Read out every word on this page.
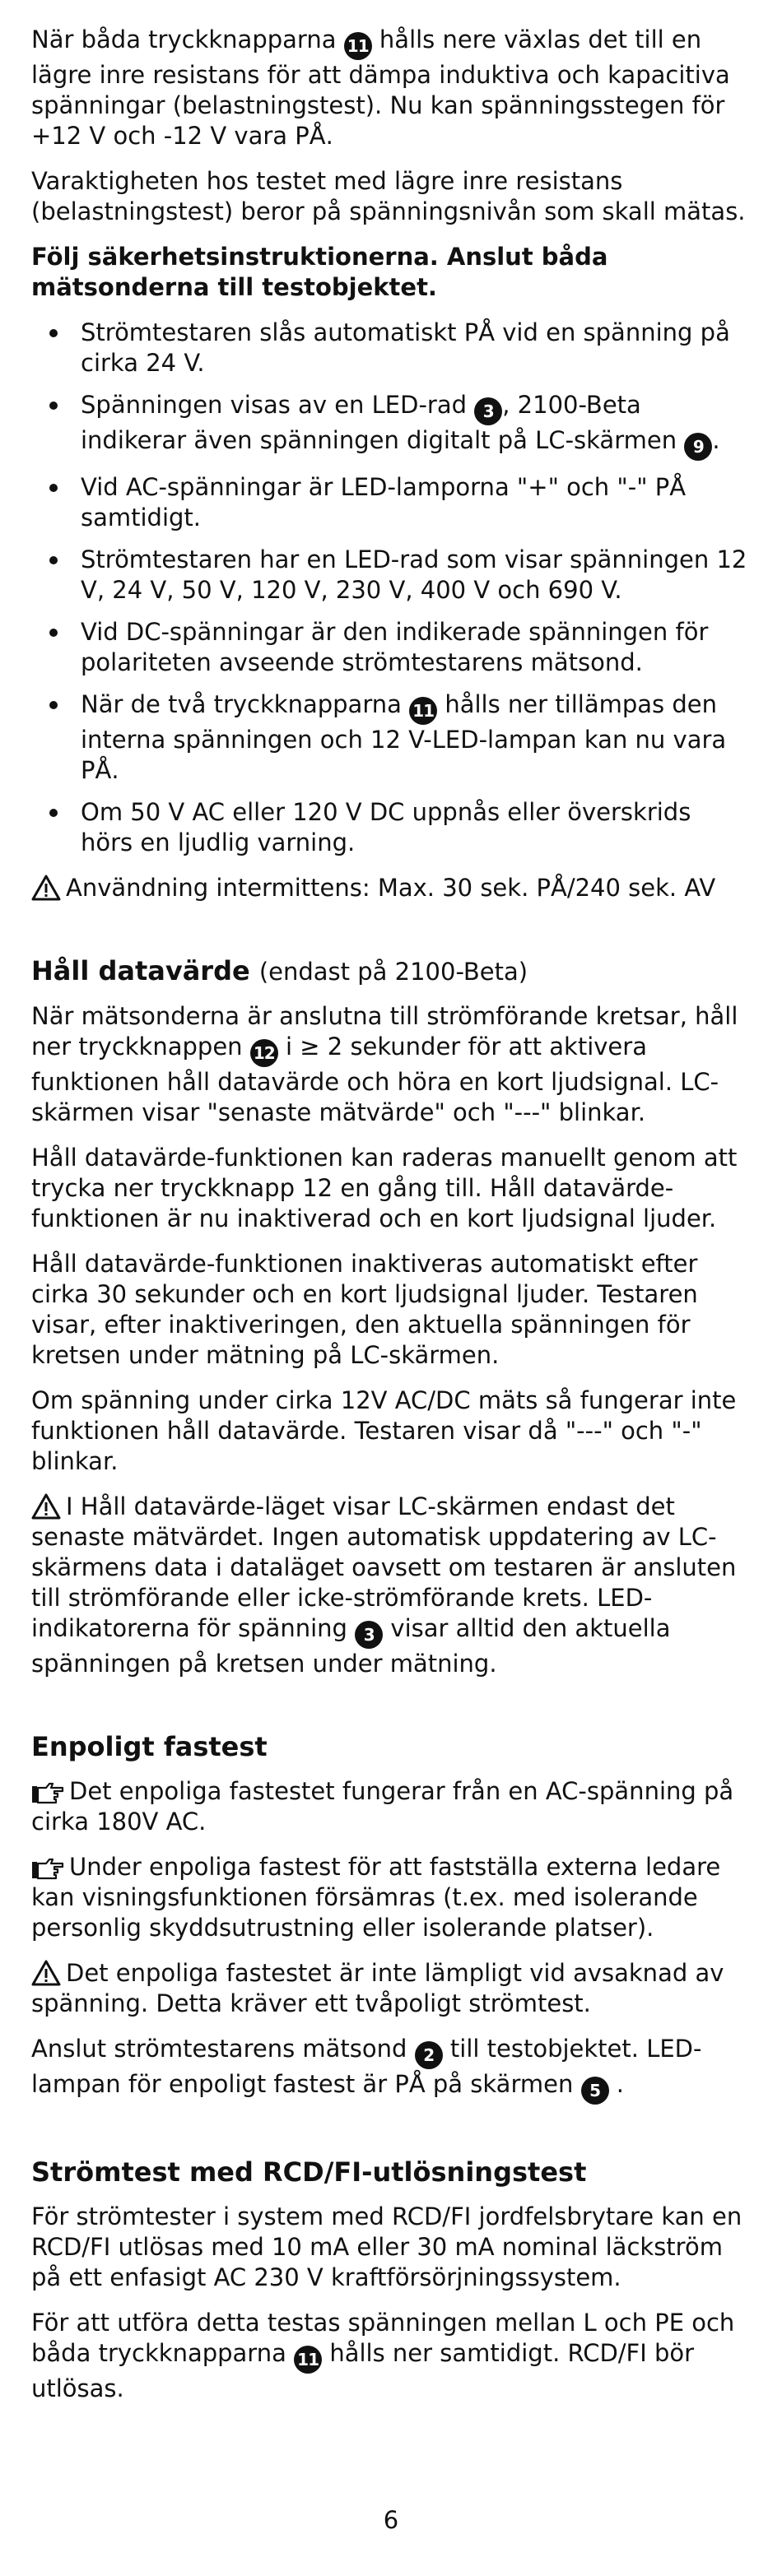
När båda tryckknapparna 11 hålls nere växlas det till en lägre inre resistans för att dämpa induktiva och kapacitiva spänningar (belastningstest). Nu kan spänningsstegen för +12 V och -12 V vara PÅ.

Varaktigheten hos testet med lägre inre resistans (belastningstest) beror på spänningsnivån som skall mätas.

Följ säkerhetsinstruktionerna. Anslut båda mätsonderna till testobjektet.

Strömtestaren slås automatiskt PÅ vid en spänning på cirka 24 V.
Spänningen visas av en LED-rad 3 , 2100-Beta indikerar även spänningen digitalt på LC-skärmen 9 .
Vid AC-spänningar är LED-lamporna "+" och "-" PÅ samtidigt.
Strömtestaren har en LED-rad som visar spänningen 12 V, 24 V, 50 V, 120 V, 230 V, 400 V och 690 V.
Vid DC-spänningar är den indikerade spänningen för polariteten avseende strömtestarens mätsond.
När de två tryckknapparna 11 hålls ner tillämpas den interna spänningen och 12 V-LED-lampan kan nu vara PÅ.
Om 50 V AC eller 120 V DC uppnås eller överskrids hörs en ljudlig varning.

Användning intermittens: Max. 30 sek. PÅ/240 sek. AV

Håll datavärde (endast på 2100-Beta)

När mätsonderna är anslutna till strömförande kretsar, håll ner tryckknappen 12 i ≥ 2 sekunder för att aktivera funktionen håll datavärde och höra en kort ljudsignal. LC-skärmen visar "senaste mätvärde" och "---" blinkar.

Håll datavärde-funktionen kan raderas manuellt genom att trycka ner tryckknapp 12 en gång till. Håll datavärde-funktionen är nu inaktiverad och en kort ljudsignal ljuder.

Håll datavärde-funktionen inaktiveras automatiskt efter cirka 30 sekunder och en kort ljudsignal ljuder. Testaren visar, efter inaktiveringen, den aktuella spänningen för kretsen under mätning på LC-skärmen.

Om spänning under cirka 12V AC/DC mäts så fungerar inte funktionen håll datavärde. Testaren visar då "---" och "-" blinkar.

I Håll datavärde-läget visar LC-skärmen endast det senaste mätvärdet. Ingen automatisk uppdatering av LC-skärmens data i dataläget oavsett om testaren är ansluten till strömförande eller icke-strömförande krets. LED-indikatorerna för spänning 3 visar alltid den aktuella spänningen på kretsen under mätning.

Enpoligt fastest

Det enpoliga fastestet fungerar från en AC-spänning på cirka 180V AC.

Under enpoliga fastest för att fastställa externa ledare kan visningsfunktionen försämras (t.ex. med isolerande personlig skyddsutrustning eller isolerande platser).

Det enpoliga fastestet är inte lämpligt vid avsaknad av spänning. Detta kräver ett tvåpoligt strömtest.

Anslut strömtestarens mätsond 2 till testobjektet. LED-lampan för enpoligt fastest är PÅ på skärmen 5 .

Strömtest med RCD/FI-utlösningstest

För strömtester i system med RCD/FI jordfelsbrytare kan en RCD/FI utlösas med 10 mA eller 30 mA nominal läckström på ett enfasigt AC 230 V kraftförsörjningssystem.

För att utföra detta testas spänningen mellan L och PE och båda tryckknapparna 11 hålls ner samtidigt. RCD/FI bör utlösas.

6
